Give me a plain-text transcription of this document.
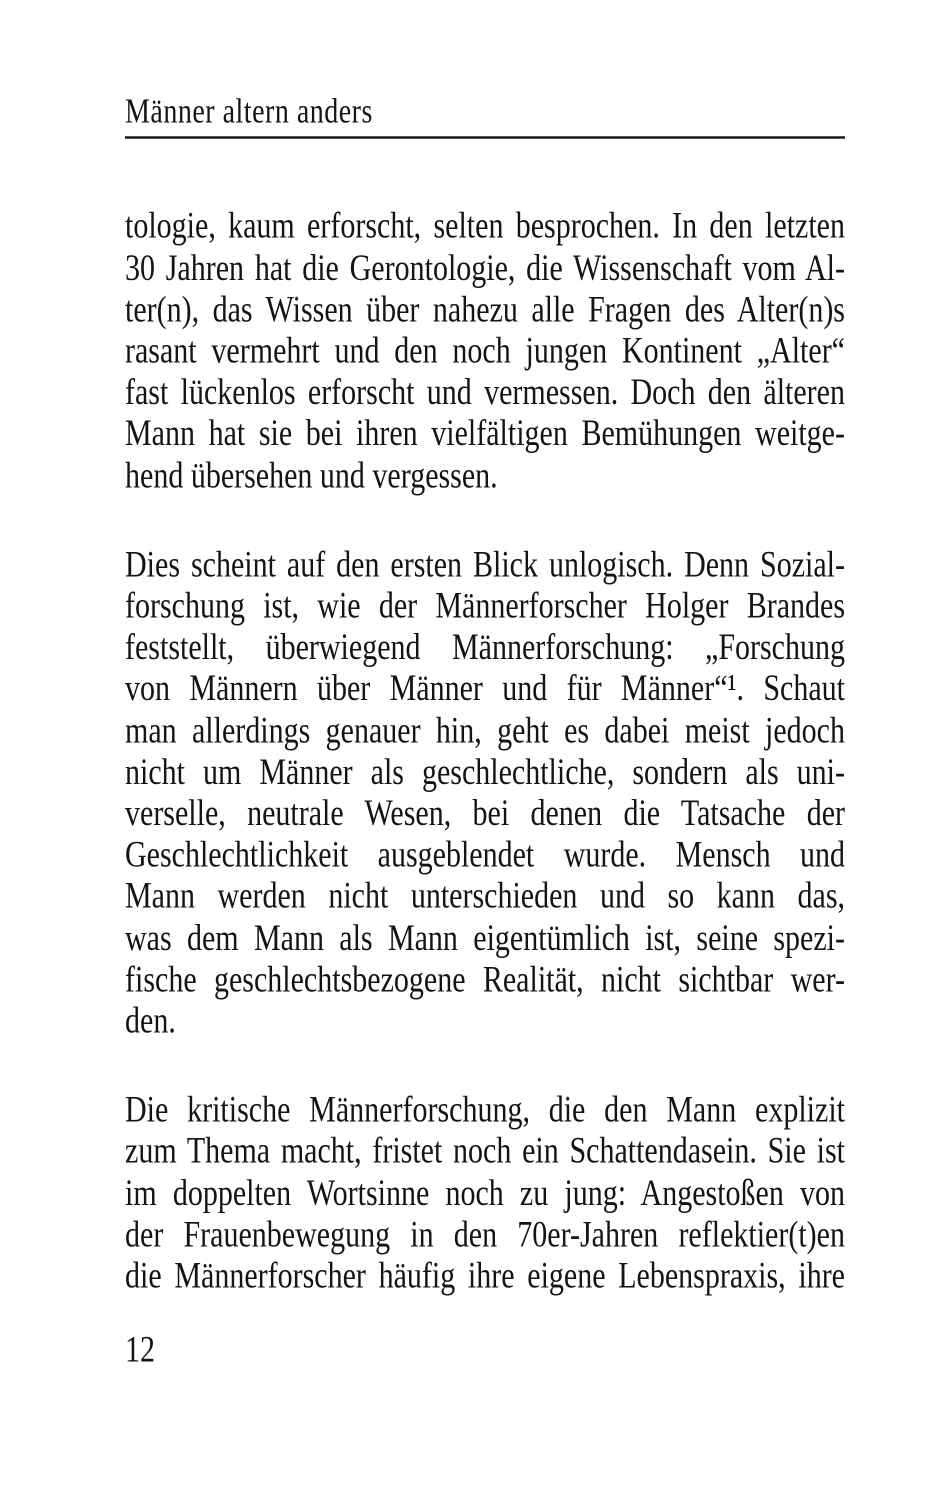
Männer altern anders
tologie, kaum erforscht, selten besprochen. In den letzten
30 Jahren hat die Gerontologie, die Wissenschaft vom Al-
ter(n), das Wissen über nahezu alle Fragen des Alter(n)s
rasant vermehrt und den noch jungen Kontinent „Alter“
fast lückenlos erforscht und vermessen. Doch den älteren
Mann hat sie bei ihren vielfältigen Bemühungen weitge-
hend übersehen und vergessen.
Dies scheint auf den ersten Blick unlogisch. Denn Sozial-
forschung ist, wie der Männerforscher Holger Brandes
feststellt, überwiegend Männerforschung: „Forschung
von Männern über Männer und für Männer“¹. Schaut
man allerdings genauer hin, geht es dabei meist jedoch
nicht um Männer als geschlechtliche, sondern als uni-
verselle, neutrale Wesen, bei denen die Tatsache der
Geschlechtlichkeit ausgeblendet wurde. Mensch und
Mann werden nicht unterschieden und so kann das,
was dem Mann als Mann eigentümlich ist, seine spezi-
fische geschlechtsbezogene Realität, nicht sichtbar wer-
den.
Die kritische Männerforschung, die den Mann explizit
zum Thema macht, fristet noch ein Schattendasein. Sie ist
im doppelten Wortsinne noch zu jung: Angestoßen von
der Frauenbewegung in den 70er-Jahren reflektier(t)en
die Männerforscher häufig ihre eigene Lebenspraxis, ihre
12
